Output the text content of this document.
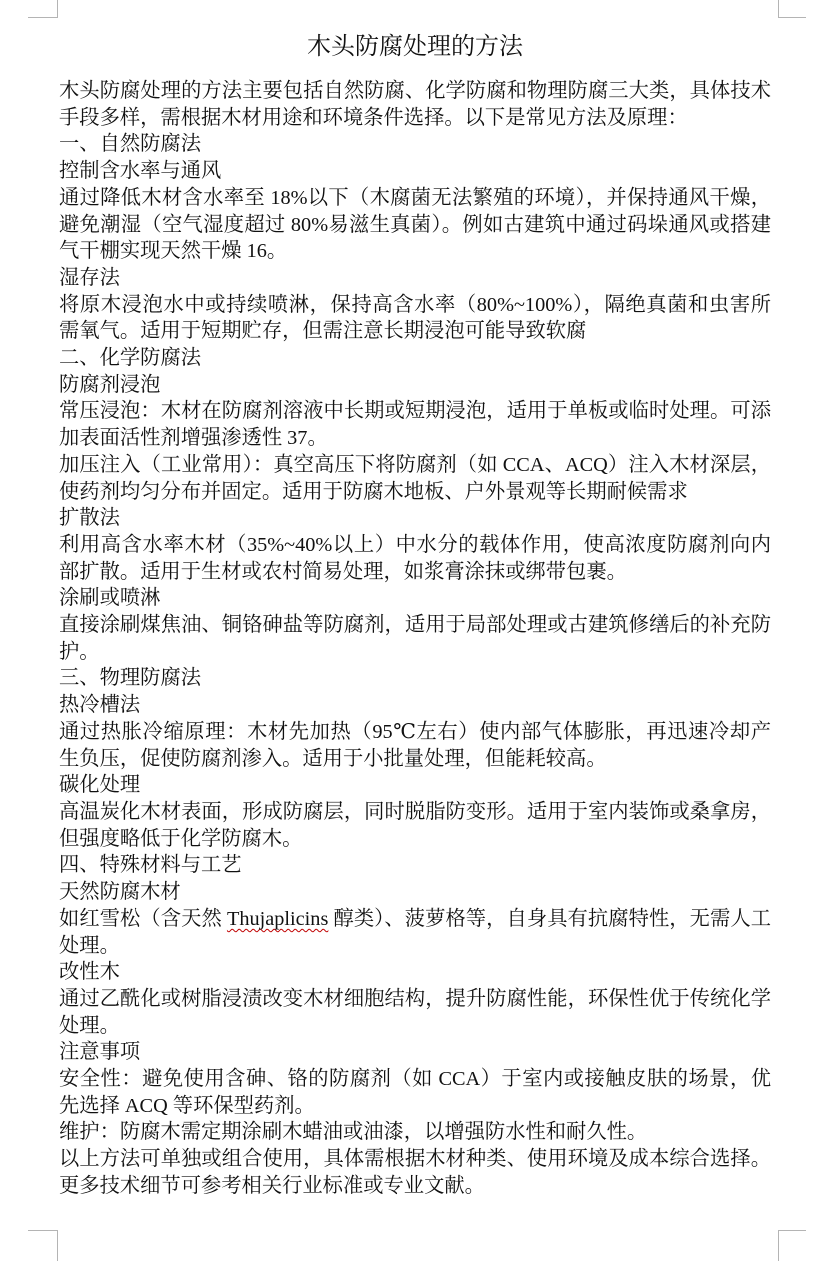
木头防腐处理的方法

木头防腐处理的方法主要包括自然防腐、化学防腐和物理防腐三大类，具体技术手段多样，需根据木材用途和环境条件选择。以下是常见方法及原理：

一、自然防腐法

控制含水率与通风

通过降低木材含水率至 18%以下（木腐菌无法繁殖的环境），并保持通风干燥，避免潮湿（空气湿度超过 80%易滋生真菌）。例如古建筑中通过码垛通风或搭建气干棚实现天然干燥 16。

湿存法

将原木浸泡水中或持续喷淋，保持高含水率（80%~100%），隔绝真菌和虫害所需氧气。适用于短期贮存，但需注意长期浸泡可能导致软腐

二、化学防腐法

防腐剂浸泡

常压浸泡：木材在防腐剂溶液中长期或短期浸泡，适用于单板或临时处理。可添加表面活性剂增强渗透性 37。

加压注入（工业常用）：真空高压下将防腐剂（如 CCA、ACQ）注入木材深层，使药剂均匀分布并固定。适用于防腐木地板、户外景观等长期耐候需求

扩散法

利用高含水率木材（35%~40%以上）中水分的载体作用，使高浓度防腐剂向内部扩散。适用于生材或农村简易处理，如浆膏涂抹或绑带包裹。

涂刷或喷淋

直接涂刷煤焦油、铜铬砷盐等防腐剂，适用于局部处理或古建筑修缮后的补充防护。

三、物理防腐法

热冷槽法

通过热胀冷缩原理：木材先加热（95℃左右）使内部气体膨胀，再迅速冷却产生负压，促使防腐剂渗入。适用于小批量处理，但能耗较高。

碳化处理

高温炭化木材表面，形成防腐层，同时脱脂防变形。适用于室内装饰或桑拿房，但强度略低于化学防腐木。

四、特殊材料与工艺

天然防腐木材

如红雪松（含天然 Thujaplicins 醇类）、菠萝格等，自身具有抗腐特性，无需人工处理。

改性木

通过乙酰化或树脂浸渍改变木材细胞结构，提升防腐性能，环保性优于传统化学处理。

注意事项

安全性：避免使用含砷、铬的防腐剂（如 CCA）于室内或接触皮肤的场景，优先选择 ACQ 等环保型药剂。

维护：防腐木需定期涂刷木蜡油或油漆，以增强防水性和耐久性。

以上方法可单独或组合使用，具体需根据木材种类、使用环境及成本综合选择。更多技术细节可参考相关行业标准或专业文献。
